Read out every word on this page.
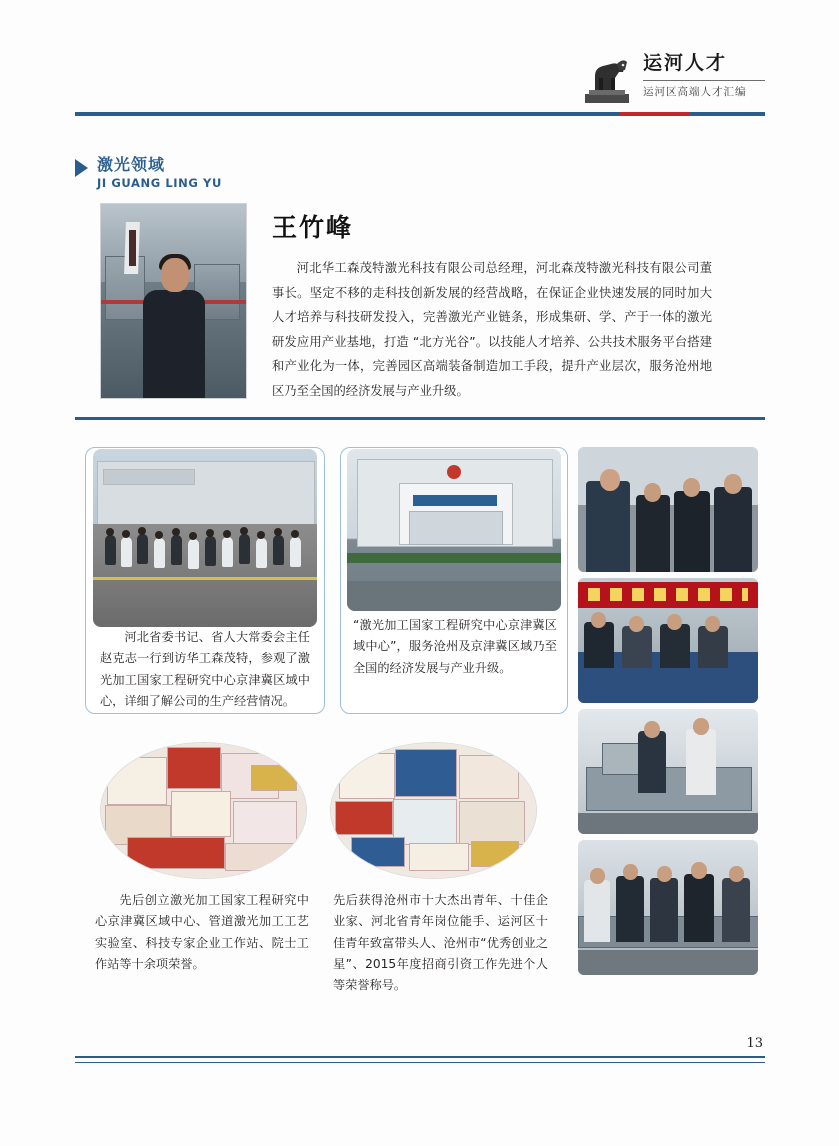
运河人才
运河区高端人才汇编
激光领域
JI GUANG LING YU
王竹峰
河北华工森茂特激光科技有限公司总经理，河北森茂特激光科技有限公司董事长。坚定不移的走科技创新发展的经营战略，在保证企业快速发展的同时加大人才培养与科技研发投入，完善激光产业链条，形成集研、学、产于一体的激光研发应用产业基地，打造 “北方光谷”。以技能人才培养、公共技术服务平台搭建和产业化为一体，完善园区高端装备制造加工手段，提升产业层次，服务沧州地区乃至全国的经济发展与产业升级。
河北省委书记、省人大常委会主任赵克志一行到访华工森茂特，参观了激光加工国家工程研究中心京津冀区域中心，详细了解公司的生产经营情况。
“激光加工国家工程研究中心京津冀区域中心”，服务沧州及京津冀区域乃至全国的经济发展与产业升级。
先后创立激光加工国家工程研究中心京津冀区域中心、管道激光加工工艺实验室、科技专家企业工作站、院士工作站等十余项荣誉。
先后获得沧州市十大杰出青年、十佳企业家、河北省青年岗位能手、运河区十佳青年致富带头人、沧州市“优秀创业之星”、2015年度招商引资工作先进个人等荣誉称号。
13
